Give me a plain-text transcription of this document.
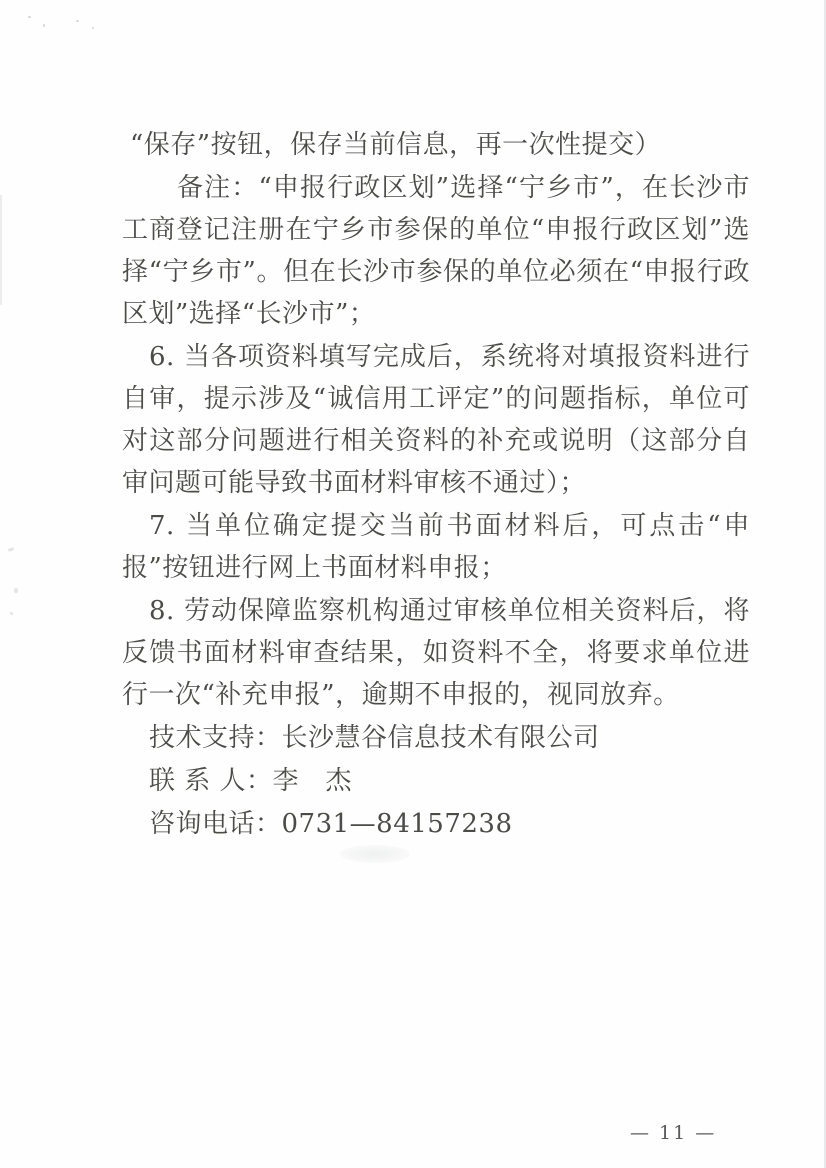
“保存”按钮，保存当前信息，再一次性提交）

备注：“申报行政区划”选择“宁乡市”，在长沙市工商登记注册在宁乡市参保的单位“申报行政区划”选择“宁乡市”。但在长沙市参保的单位必须在“申报行政区划”选择“长沙市”；

6. 当各项资料填写完成后，系统将对填报资料进行自审，提示涉及“诚信用工评定”的问题指标，单位可对这部分问题进行相关资料的补充或说明（这部分自审问题可能导致书面材料审核不通过）；

7. 当单位确定提交当前书面材料后，可点击“申报”按钮进行网上书面材料申报；

8. 劳动保障监察机构通过审核单位相关资料后，将反馈书面材料审查结果，如资料不全，将要求单位进行一次“补充申报”，逾期不申报的，视同放弃。

技术支持：长沙慧谷信息技术有限公司

联 系 人：李　杰

咨询电话：0731—84157238

— 11 —
